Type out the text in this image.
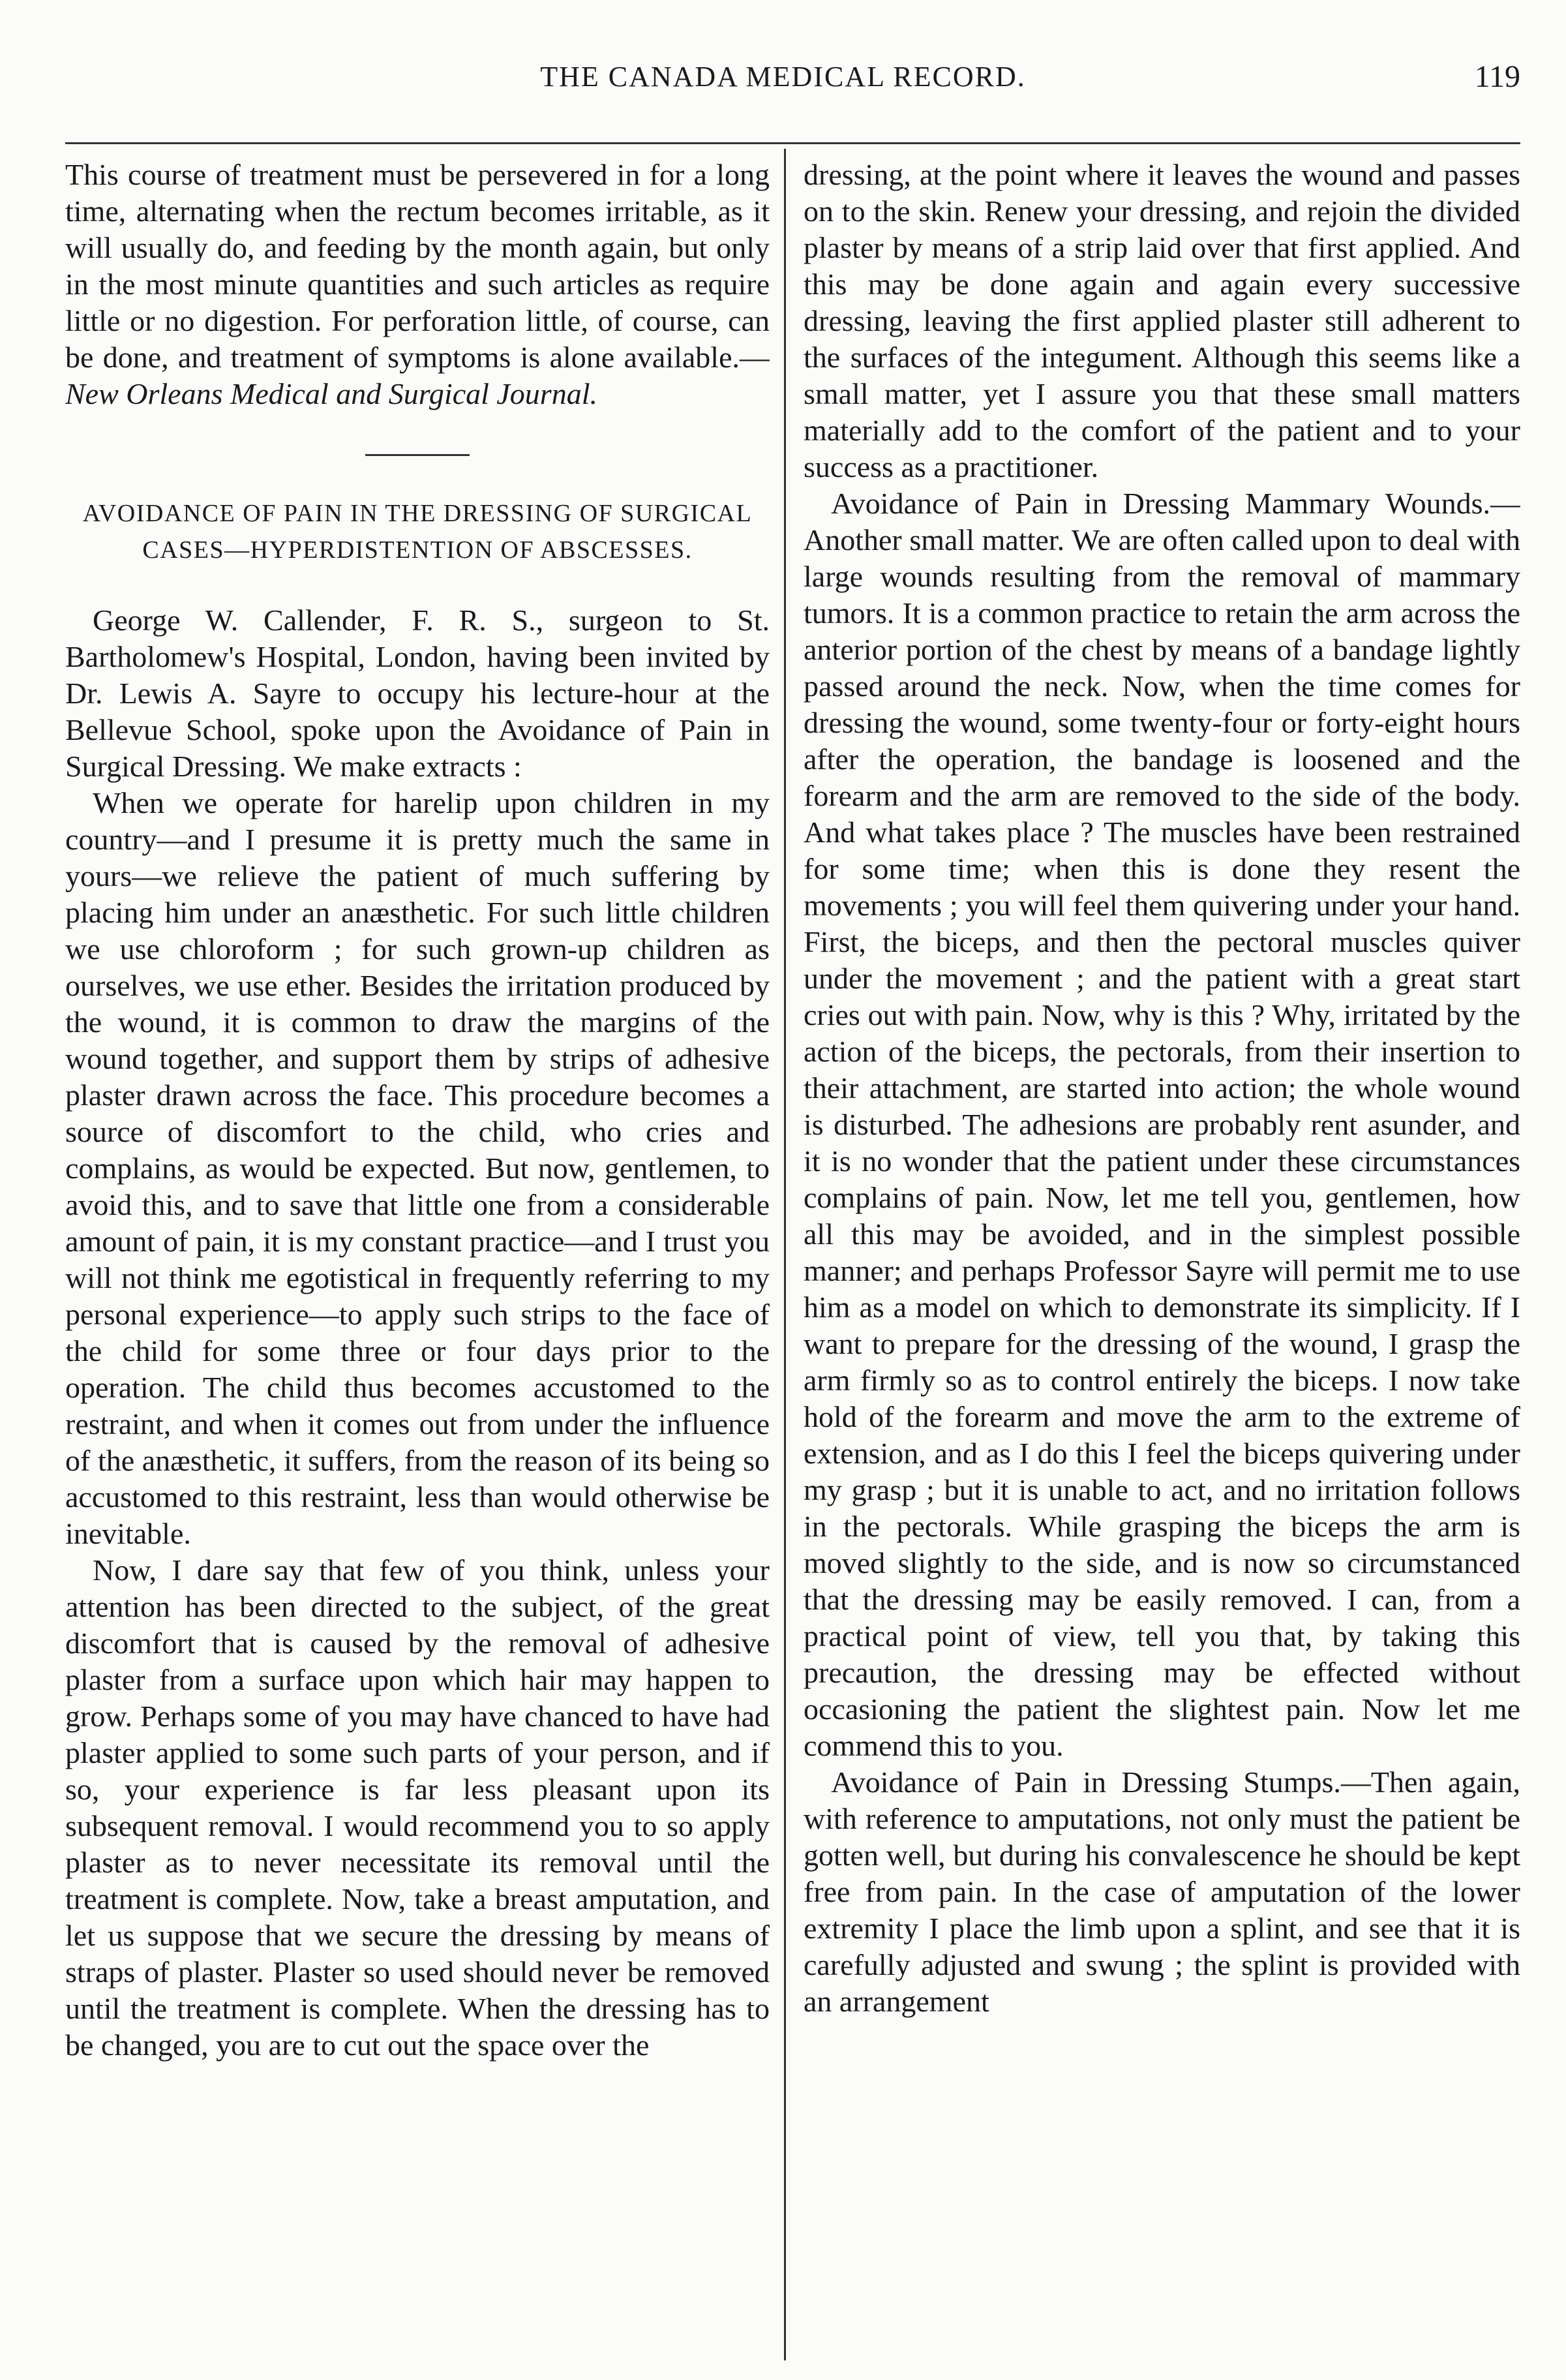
THE CANADA MEDICAL RECORD.	119

This course of treatment must be persevered in for a long time, alternating when the rectum becomes irritable, as it will usually do, and feeding by the month again, but only in the most minute quantities and such articles as require little or no digestion. For perforation little, of course, can be done, and treatment of symptoms is alone available.—New Orleans Medical and Surgical Journal.

AVOIDANCE OF PAIN IN THE DRESSING OF SURGICAL CASES—HYPERDISTENTION OF ABSCESSES.

George W. Callender, F. R. S., surgeon to St. Bartholomew's Hospital, London, having been invited by Dr. Lewis A. Sayre to occupy his lecture-hour at the Bellevue School, spoke upon the Avoidance of Pain in Surgical Dressing. We make extracts :

When we operate for harelip upon children in my country—and I presume it is pretty much the same in yours—we relieve the patient of much suffering by placing him under an anæsthetic. For such little children we use chloroform ; for such grown-up children as ourselves, we use ether. Besides the irritation produced by the wound, it is common to draw the margins of the wound together, and support them by strips of adhesive plaster drawn across the face. This procedure becomes a source of discomfort to the child, who cries and complains, as would be expected. But now, gentlemen, to avoid this, and to save that little one from a considerable amount of pain, it is my constant practice—and I trust you will not think me egotistical in frequently referring to my personal experience—to apply such strips to the face of the child for some three or four days prior to the operation. The child thus becomes accustomed to the restraint, and when it comes out from under the influence of the anæsthetic, it suffers, from the reason of its being so accustomed to this restraint, less than would otherwise be inevitable.

Now, I dare say that few of you think, unless your attention has been directed to the subject, of the great discomfort that is caused by the removal of adhesive plaster from a surface upon which hair may happen to grow. Perhaps some of you may have chanced to have had plaster applied to some such parts of your person, and if so, your experience is far less pleasant upon its subsequent removal. I would recommend you to so apply plaster as to never necessitate its removal until the treatment is complete. Now, take a breast amputation, and let us suppose that we secure the dressing by means of straps of plaster. Plaster so used should never be removed until the treatment is complete. When the dressing has to be changed, you are to cut out the space over the

dressing, at the point where it leaves the wound and passes on to the skin. Renew your dressing, and rejoin the divided plaster by means of a strip laid over that first applied. And this may be done again and again every successive dressing, leaving the first applied plaster still adherent to the surfaces of the integument. Although this seems like a small matter, yet I assure you that these small matters materially add to the comfort of the patient and to your success as a practitioner.

Avoidance of Pain in Dressing Mammary Wounds.—Another small matter. We are often called upon to deal with large wounds resulting from the removal of mammary tumors. It is a common practice to retain the arm across the anterior portion of the chest by means of a bandage lightly passed around the neck. Now, when the time comes for dressing the wound, some twenty-four or forty-eight hours after the operation, the bandage is loosened and the forearm and the arm are removed to the side of the body. And what takes place ? The muscles have been restrained for some time; when this is done they resent the movements ; you will feel them quivering under your hand. First, the biceps, and then the pectoral muscles quiver under the movement ; and the patient with a great start cries out with pain. Now, why is this ? Why, irritated by the action of the biceps, the pectorals, from their insertion to their attachment, are started into action; the whole wound is disturbed. The adhesions are probably rent asunder, and it is no wonder that the patient under these circumstances complains of pain. Now, let me tell you, gentlemen, how all this may be avoided, and in the simplest possible manner; and perhaps Professor Sayre will permit me to use him as a model on which to demonstrate its simplicity. If I want to prepare for the dressing of the wound, I grasp the arm firmly so as to control entirely the biceps. I now take hold of the forearm and move the arm to the extreme of extension, and as I do this I feel the biceps quivering under my grasp ; but it is unable to act, and no irritation follows in the pectorals. While grasping the biceps the arm is moved slightly to the side, and is now so circumstanced that the dressing may be easily removed. I can, from a practical point of view, tell you that, by taking this precaution, the dressing may be effected without occasioning the patient the slightest pain. Now let me commend this to you.

Avoidance of Pain in Dressing Stumps.—Then again, with reference to amputations, not only must the patient be gotten well, but during his convalescence he should be kept free from pain. In the case of amputation of the lower extremity I place the limb upon a splint, and see that it is carefully adjusted and swung ; the splint is provided with an arrangement
